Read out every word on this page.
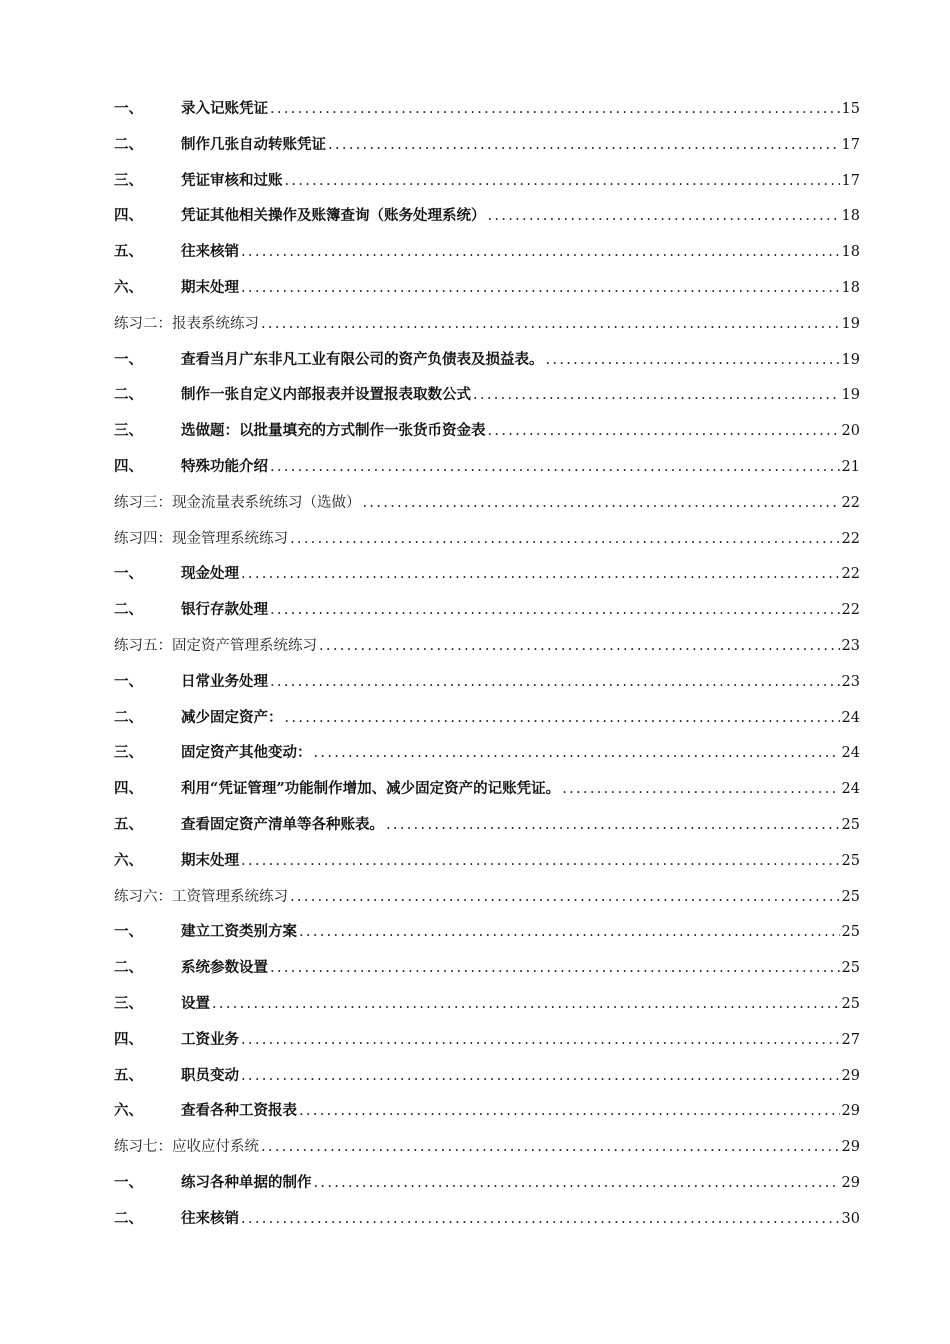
一、	录入记账凭证 .....	15
二、	制作几张自动转账凭证 .....	17
三、	凭证审核和过账 .....	17
四、	凭证其他相关操作及账簿查询（账务处理系统） .....	18
五、	往来核销 .....	18
六、	期末处理 .....	18
练习二：报表系统练习 .....	19
一、	查看当月广东非凡工业有限公司的资产负债表及损益表。 .....	19
二、	制作一张自定义内部报表并设置报表取数公式 .....	19
三、	选做题：以批量填充的方式制作一张货币资金表 .....	20
四、	特殊功能介绍 .....	21
练习三：现金流量表系统练习（选做） .....	22
练习四：现金管理系统练习 .....	22
一、	现金处理 .....	22
二、	银行存款处理 .....	22
练习五：固定资产管理系统练习 .....	23
一、	日常业务处理 .....	23
二、	减少固定资产： .....	24
三、	固定资产其他变动： .....	24
四、	利用“凭证管理”功能制作增加、减少固定资产的记账凭证。 .....	24
五、	查看固定资产清单等各种账表。 .....	25
六、	期末处理 .....	25
练习六：工资管理系统练习 .....	25
一、	建立工资类别方案 .....	25
二、	系统参数设置 .....	25
三、	设置 .....	25
四、	工资业务 .....	27
五、	职员变动 .....	29
六、	查看各种工资报表 .....	29
练习七：应收应付系统 .....	29
一、	练习各种单据的制作 .....	29
二、	往来核销 .....	30
